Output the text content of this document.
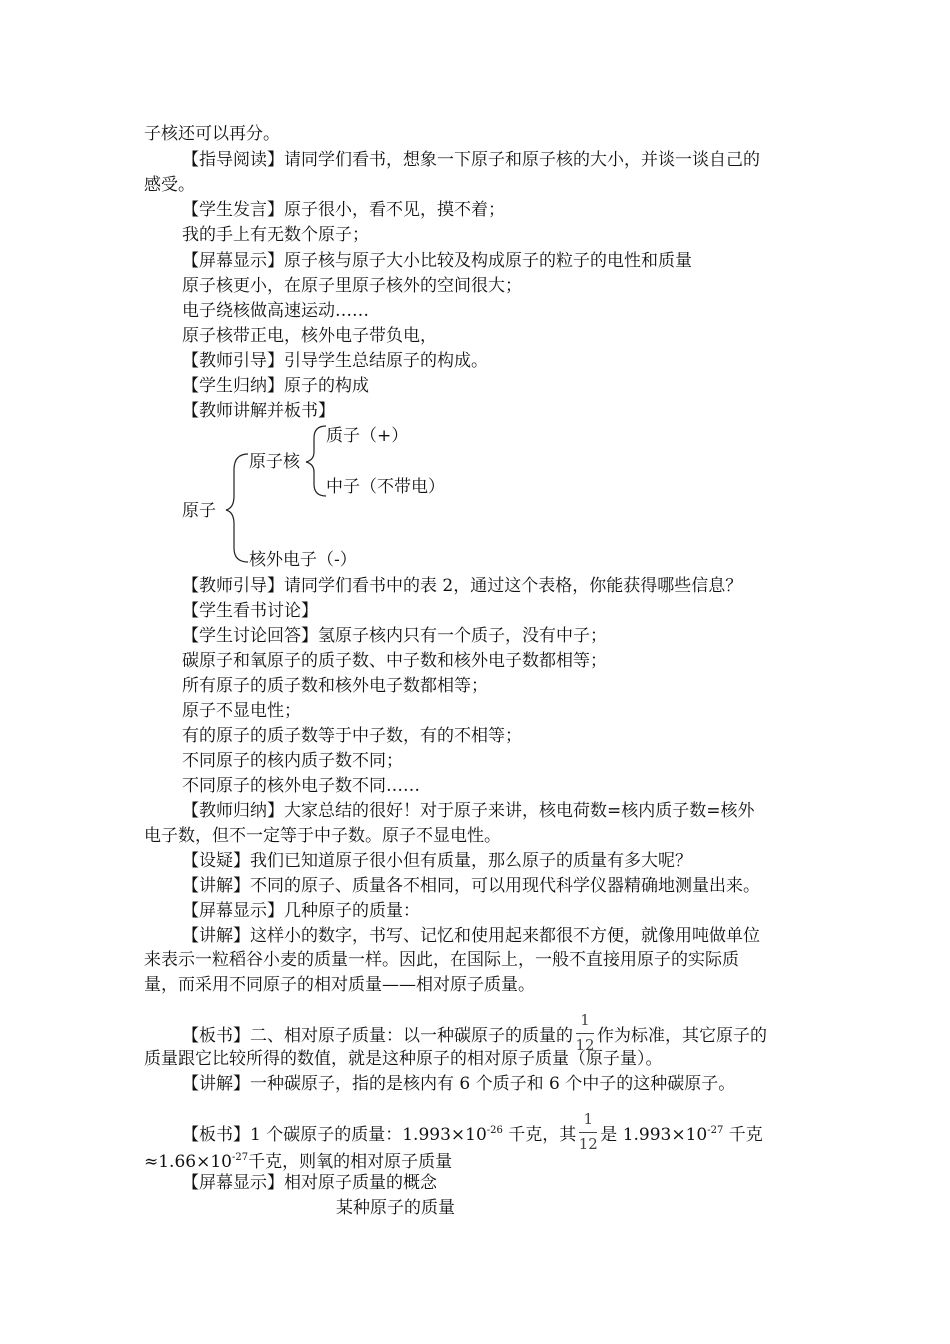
子核还可以再分。
【指导阅读】请同学们看书，想象一下原子和原子核的大小，并谈一谈自己的
感受。
【学生发言】原子很小，看不见，摸不着；
我的手上有无数个原子；
【屏幕显示】原子核与原子大小比较及构成原子的粒子的电性和质量
原子核更小，在原子里原子核外的空间很大；
电子绕核做高速运动……
原子核带正电，核外电子带负电，
【教师引导】引导学生总结原子的构成。
【学生归纳】原子的构成
【教师讲解并板书】
质子（+）
原子核
中子（不带电）
原子
核外电子（-）
【教师引导】请同学们看书中的表 2，通过这个表格，你能获得哪些信息？
【学生看书讨论】
【学生讨论回答】氢原子核内只有一个质子，没有中子；
碳原子和氧原子的质子数、中子数和核外电子数都相等；
所有原子的质子数和核外电子数都相等；
原子不显电性；
有的原子的质子数等于中子数，有的不相等；
不同原子的核内质子数不同；
不同原子的核外电子数不同……
【教师归纳】大家总结的很好！对于原子来讲，核电荷数=核内质子数=核外
电子数，但不一定等于中子数。原子不显电性。
【设疑】我们已知道原子很小但有质量，那么原子的质量有多大呢？
【讲解】不同的原子、质量各不相同，可以用现代科学仪器精确地测量出来。
【屏幕显示】几种原子的质量：
【讲解】这样小的数字，书写、记忆和使用起来都很不方便，就像用吨做单位
来表示一粒稻谷小麦的质量一样。因此，在国际上，一般不直接用原子的实际质
量，而采用不同原子的相对质量——相对原子质量。
【板书】二、相对原子质量：以一种碳原子的质量的 $\frac{1}{12}$ 作为标准，其它原子的
质量跟它比较所得的数值，就是这种原子的相对原子质量（原子量）。
【讲解】一种碳原子，指的是核内有 6 个质子和 6 个中子的这种碳原子。
【板书】1 个碳原子的质量：$1.993\times 10^{-26}$ 千克，其 $\frac{1}{12}$ 是 $1.993\times 10^{-27}$ 千克
$\approx 1.66\times 10^{-27}$千克，则氧的相对原子质量
【屏幕显示】相对原子质量的概念
某种原子的质量
